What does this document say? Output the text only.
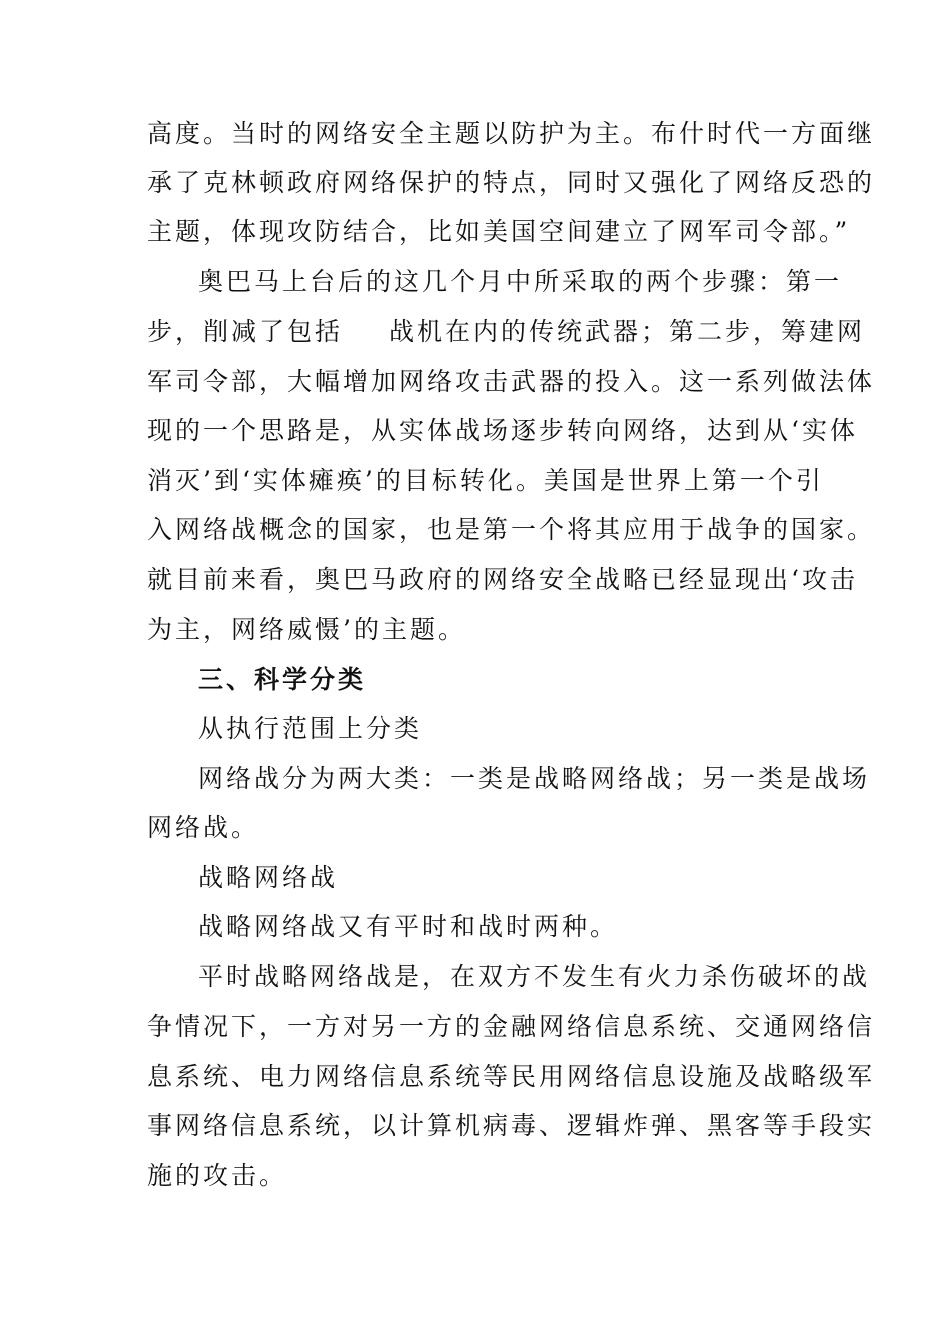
高度。当时的网络安全主题以防护为主。布什时代一方面继
承了克林顿政府网络保护的特点，同时又强化了网络反恐的
主题，体现攻防结合，比如美国空间建立了网军司令部。”
奥巴马上台后的这几个月中所采取的两个步骤：第一
步，削减了包括 战机在内的传统武器；第二步，筹建网
军司令部，大幅增加网络攻击武器的投入。这一系列做法体
现的一个思路是，从实体战场逐步转向网络，达到从‘实体
消灭’到‘实体瘫痪’的目标转化。美国是世界上第一个引
入网络战概念的国家，也是第一个将其应用于战争的国家。
就目前来看，奥巴马政府的网络安全战略已经显现出‘攻击
为主，网络威慑’的主题。
三、科学分类
从执行范围上分类
网络战分为两大类：一类是战略网络战；另一类是战场
网络战。
战略网络战
战略网络战又有平时和战时两种。
平时战略网络战是，在双方不发生有火力杀伤破坏的战
争情况下，一方对另一方的金融网络信息系统、交通网络信
息系统、电力网络信息系统等民用网络信息设施及战略级军
事网络信息系统，以计算机病毒、逻辑炸弹、黑客等手段实
施的攻击。
